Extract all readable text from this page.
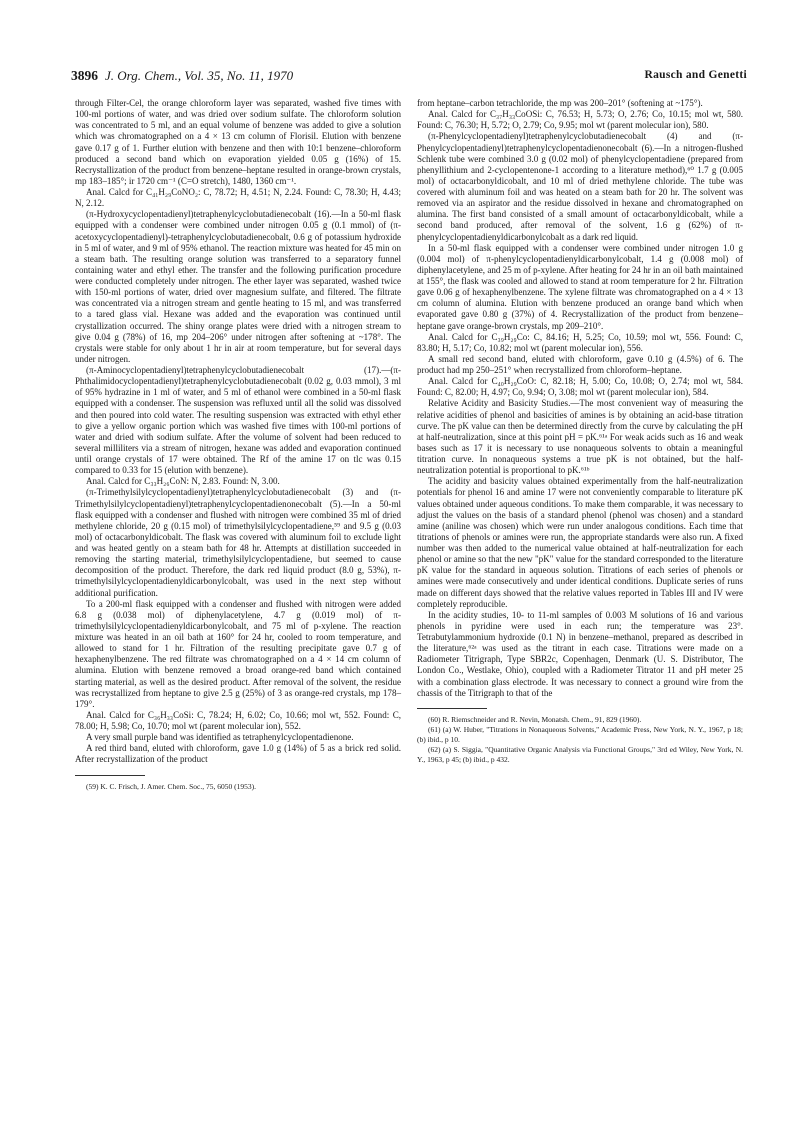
3896 J. Org. Chem., Vol. 35, No. 11, 1970	Rausch and Genetti

through Filter-Cel, the orange chloroform layer was separated, washed five times with 100-ml portions of water, and was dried over sodium sulfate. The chloroform solution was concentrated to 5 ml, and an equal volume of benzene was added to give a solution which was chromatographed on a 4 × 13 cm column of Florisil. Elution with benzene gave 0.17 g of 1. Further elution with benzene and then with 10:1 benzene–chloroform produced a second band which on evaporation yielded 0.05 g (16%) of 15. Recrystallization of the product from benzene–heptane resulted in orange-brown crystals, mp 183–185°; ir 1720 cm⁻¹ (C=O stretch), 1480, 1360 cm⁻¹.

Anal. Calcd for C₄₁H₂₉CoNO₂: C, 78.72; H, 4.51; N, 2.24. Found: C, 78.30; H, 4.43; N, 2.12.

(π-Hydroxycyclopentadienyl)tetraphenylcyclobutadienecobalt (16).—In a 50-ml flask equipped with a condenser were combined under nitrogen 0.05 g (0.1 mmol) of (π-acetoxycyclopentadienyl)-tetraphenylcyclobutadienecobalt, 0.6 g of potassium hydroxide in 5 ml of water, and 9 ml of 95% ethanol. The reaction mixture was heated for 45 min on a steam bath. The resulting orange solution was transferred to a separatory funnel containing water and ethyl ether. The transfer and the following purification procedure were conducted completely under nitrogen. The ether layer was separated, washed twice with 150-ml portions of water, dried over magnesium sulfate, and filtered. The filtrate was concentrated via a nitrogen stream and gentle heating to 15 ml, and was transferred to a tared glass vial. Hexane was added and the evaporation was continued until crystallization occurred. The shiny orange plates were dried with a nitrogen stream to give 0.04 g (78%) of 16, mp 204–206° under nitrogen after softening at ~178°. The crystals were stable for only about 1 hr in air at room temperature, but for several days under nitrogen.

(π-Aminocyclopentadienyl)tetraphenylcyclobutadienecobalt (17).—(π-Phthalimidocyclopentadienyl)tetraphenylcyclobutadienecobalt (0.02 g, 0.03 mmol), 3 ml of 95% hydrazine in 1 ml of water, and 5 ml of ethanol were combined in a 50-ml flask equipped with a condenser. The suspension was refluxed until all the solid was dissolved and then poured into cold water. The resulting suspension was extracted with ethyl ether to give a yellow organic portion which was washed five times with 100-ml portions of water and dried with sodium sulfate. After the volume of solvent had been reduced to several milliliters via a stream of nitrogen, hexane was added and evaporation continued until orange crystals of 17 were obtained. The Rf of the amine 17 on tlc was 0.15 compared to 0.33 for 15 (elution with benzene).

Anal. Calcd for C₃₃H₂₆CoN: N, 2.83. Found: N, 3.00.

(π-Trimethylsilylcyclopentadienyl)tetraphenylcyclobutadienecobalt (3) and (π-Trimethylsilylcyclopentadienyl)tetraphenylcyclopentadienonecobalt (5).—In a 50-ml flask equipped with a condenser and flushed with nitrogen were combined 35 ml of dried methylene chloride, 20 g (0.15 mol) of trimethylsilylcyclopentadiene,⁵⁹ and 9.5 g (0.03 mol) of octacarbonyldicobalt. The flask was covered with aluminum foil to exclude light and was heated gently on a steam bath for 48 hr. Attempts at distillation succeeded in removing the starting material, trimethylsilylcyclopentadiene, but seemed to cause decomposition of the product. Therefore, the dark red liquid product (8.0 g, 53%), π-trimethylsilylcyclopentadienyldicarbonylcobalt, was used in the next step without additional purification.

To a 200-ml flask equipped with a condenser and flushed with nitrogen were added 6.8 g (0.038 mol) of diphenylacetylene, 4.7 g (0.019 mol) of π-trimethylsilylcyclopentadienyldicarbonylcobalt, and 75 ml of p-xylene. The reaction mixture was heated in an oil bath at 160° for 24 hr, cooled to room temperature, and allowed to stand for 1 hr. Filtration of the resulting precipitate gave 0.7 g of hexaphenylbenzene. The red filtrate was chromatographed on a 4 × 14 cm column of alumina. Elution with benzene removed a broad orange-red band which contained starting material, as well as the desired product. After removal of the solvent, the residue was recrystallized from heptane to give 2.5 g (25%) of 3 as orange-red crystals, mp 178–179°.

Anal. Calcd for C₃₆H₃₃CoSi: C, 78.24; H, 6.02; Co, 10.66; mol wt, 552. Found: C, 78.00; H, 5.98; Co, 10.70; mol wt (parent molecular ion), 552.

A very small purple band was identified as tetraphenylcyclopentadienone.

A red third band, eluted with chloroform, gave 1.0 g (14%) of 5 as a brick red solid. After recrystallization of the product

(59) K. C. Frisch, J. Amer. Chem. Soc., 75, 6050 (1953).

from heptane–carbon tetrachloride, the mp was 200–201° (softening at ~175°).

Anal. Calcd for C₃₇H₃₃CoOSi: C, 76.53; H, 5.73; O, 2.76; Co, 10.15; mol wt, 580. Found: C, 76.30; H, 5.72; O, 2.79; Co, 9.95; mol wt (parent molecular ion), 580.

(π-Phenylcyclopentadienyl)tetraphenylcyclobutadienecobalt (4) and (π-Phenylcyclopentadienyl)tetraphenylcyclopentadienonecobalt (6).—In a nitrogen-flushed Schlenk tube were combined 3.0 g (0.02 mol) of phenylcyclopentadiene (prepared from phenyllithium and 2-cyclopentenone-1 according to a literature method),⁶⁰ 1.7 g (0.005 mol) of octacarbonyldicobalt, and 10 ml of dried methylene chloride. The tube was covered with aluminum foil and was heated on a steam bath for 20 hr. The solvent was removed via an aspirator and the residue dissolved in hexane and chromatographed on alumina. The first band consisted of a small amount of octacarbonyldicobalt, while a second band produced, after removal of the solvent, 1.6 g (62%) of π-phenylcyclopentadienyldicarbonylcobalt as a dark red liquid.

In a 50-ml flask equipped with a condenser were combined under nitrogen 1.0 g (0.004 mol) of π-phenylcyclopentadienyldicarbonylcobalt, 1.4 g (0.008 mol) of diphenylacetylene, and 25 m of p-xylene. After heating for 24 hr in an oil bath maintained at 155°, the flask was cooled and allowed to stand at room temperature for 2 hr. Filtration gave 0.06 g of hexaphenylbenzene. The xylene filtrate was chromatographed on a 4 × 13 cm column of alumina. Elution with benzene produced an orange band which when evaporated gave 0.80 g (37%) of 4. Recrystallization of the product from benzene–heptane gave orange-brown crystals, mp 209–210°.

Anal. Calcd for C₃₉H₂₉Co: C, 84.16; H, 5.25; Co, 10.59; mol wt, 556. Found: C, 83.80; H, 5.17; Co, 10.82; mol wt (parent molecular ion), 556.

A small red second band, eluted with chloroform, gave 0.10 g (4.5%) of 6. The product had mp 250–251° when recrystallized from chloroform–heptane.

Anal. Calcd for C₄₀H₂₉CoO: C, 82.18; H, 5.00; Co, 10.08; O, 2.74; mol wt, 584. Found: C, 82.00; H, 4.97; Co, 9.94; O, 3.08; mol wt (parent molecular ion), 584.

Relative Acidity and Basicity Studies.—The most convenient way of measuring the relative acidities of phenol and basicities of amines is by obtaining an acid-base titration curve. The pK value can then be determined directly from the curve by calculating the pH at half-neutralization, since at this point pH = pK.⁶¹ᵃ For weak acids such as 16 and weak bases such as 17 it is necessary to use nonaqueous solvents to obtain a meaningful titration curve. In nonaqueous systems a true pK is not obtained, but the half-neutralization potential is proportional to pK.⁶¹ᵇ

The acidity and basicity values obtained experimentally from the half-neutralization potentials for phenol 16 and amine 17 were not conveniently comparable to literature pK values obtained under aqueous conditions. To make them comparable, it was necessary to adjust the values on the basis of a standard phenol (phenol was chosen) and a standard amine (aniline was chosen) which were run under analogous conditions. Each time that titrations of phenols or amines were run, the appropriate standards were also run. A fixed number was then added to the numerical value obtained at half-neutralization for each phenol or amine so that the new "pK" value for the standard corresponded to the literature pK value for the standard in aqueous solution. Titrations of each series of phenols or amines were made consecutively and under identical conditions. Duplicate series of runs made on different days showed that the relative values reported in Tables III and IV were completely reproducible.

In the acidity studies, 10- to 11-ml samples of 0.003 M solutions of 16 and various phenols in pyridine were used in each run; the temperature was 23°. Tetrabutylammonium hydroxide (0.1 N) in benzene–methanol, prepared as described in the literature,⁶²ᵃ was used as the titrant in each case. Titrations were made on a Radiometer Titrigraph, Type SBR2c, Copenhagen, Denmark (U. S. Distributor, The London Co., Westlake, Ohio), coupled with a Radiometer Titrator 11 and pH meter 25 with a combination glass electrode. It was necessary to connect a ground wire from the chassis of the Titrigraph to that of the

(60) R. Riemschneider and R. Nevin, Monatsh. Chem., 91, 829 (1960).

(61) (a) W. Huber, "Titrations in Nonaqueous Solvents," Academic Press, New York, N. Y., 1967, p 18; (b) ibid., p 10.

(62) (a) S. Siggia, "Quantitative Organic Analysis via Functional Groups," 3rd ed Wiley, New York, N. Y., 1963, p 45; (b) ibid., p 432.
